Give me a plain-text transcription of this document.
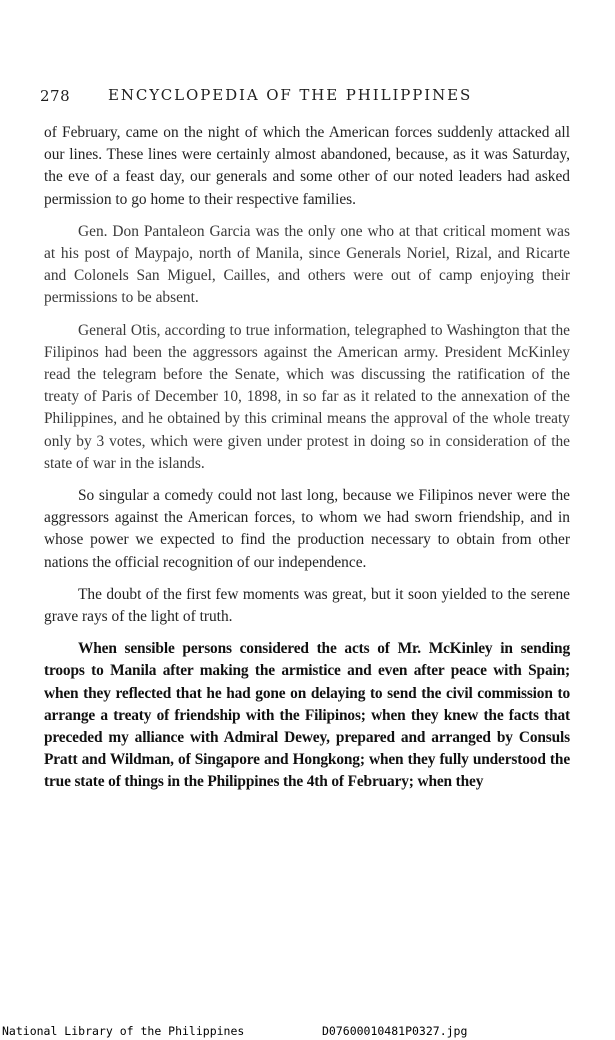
278	ENCYCLOPEDIA OF THE PHILIPPINES

of February, came on the night of which the American forces suddenly attacked all our lines. These lines were certainly almost abandoned, because, as it was Saturday, the eve of a feast day, our generals and some other of our noted leaders had asked permission to go home to their respective families.

Gen. Don Pantaleon Garcia was the only one who at that critical moment was at his post of Maypajo, north of Manila, since Generals Noriel, Rizal, and Ricarte and Colonels San Miguel, Cailles, and others were out of camp enjoying their permissions to be absent.

General Otis, according to true information, telegraphed to Washington that the Filipinos had been the aggressors against the American army. President McKinley read the telegram before the Senate, which was discussing the ratification of the treaty of Paris of December 10, 1898, in so far as it related to the annexation of the Philippines, and he obtained by this criminal means the approval of the whole treaty only by 3 votes, which were given under protest in doing so in consideration of the state of war in the islands.

So singular a comedy could not last long, because we Filipinos never were the aggressors against the American forces, to whom we had sworn friendship, and in whose power we expected to find the production necessary to obtain from other nations the official recognition of our independence.

The doubt of the first few moments was great, but it soon yielded to the serene grave rays of the light of truth.

When sensible persons considered the acts of Mr. McKinley in sending troops to Manila after making the armistice and even after peace with Spain; when they reflected that he had gone on delaying to send the civil commission to arrange a treaty of friendship with the Filipinos; when they knew the facts that preceded my alliance with Admiral Dewey, prepared and arranged by Consuls Pratt and Wildman, of Singapore and Hongkong; when they fully understood the true state of things in the Philippines the 4th of February; when they

National Library of the Philippines	D07600010481P0327.jpg
